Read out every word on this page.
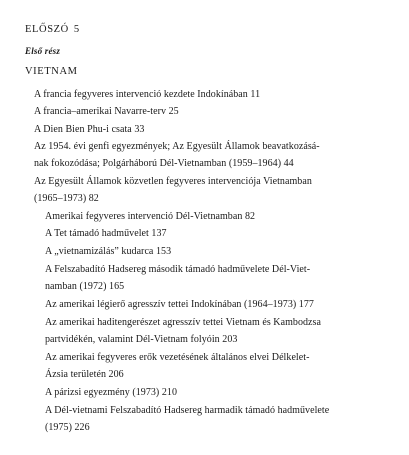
ELŐSZÓ 5
Első rész
VIETNAM
A francia fegyveres intervenció kezdete Indokínában 11
A francia–amerikai Navarre-terv 25
A Dien Bien Phu-i csata 33
Az 1954. évi genfi egyezmények; Az Egyesült Államok beavatkozásá-
nak fokozódása; Polgárháború Dél-Vietnamban (1959–1964) 44
Az Egyesült Államok közvetlen fegyveres intervenciója Vietnamban
(1965–1973) 82
Amerikai fegyveres intervenció Dél-Vietnamban 82
A Tet támadó hadművelet 137
A „vietnamizálás” kudarca 153
A Felszabadító Hadsereg második támadó hadművelete Dél-Viet-
namban (1972) 165
Az amerikai légierő agresszív tettei Indokínában (1964–1973) 177
Az amerikai haditengerészet agresszív tettei Vietnam és Kambodzsa
partvidékén, valamint Dél-Vietnam folyóin 203
Az amerikai fegyveres erők vezetésének általános elvei Délkelet-
Ázsia területén 206
A párizsi egyezmény (1973) 210
A Dél-vietnami Felszabadító Hadsereg harmadik támadó hadművelete
(1975) 226
